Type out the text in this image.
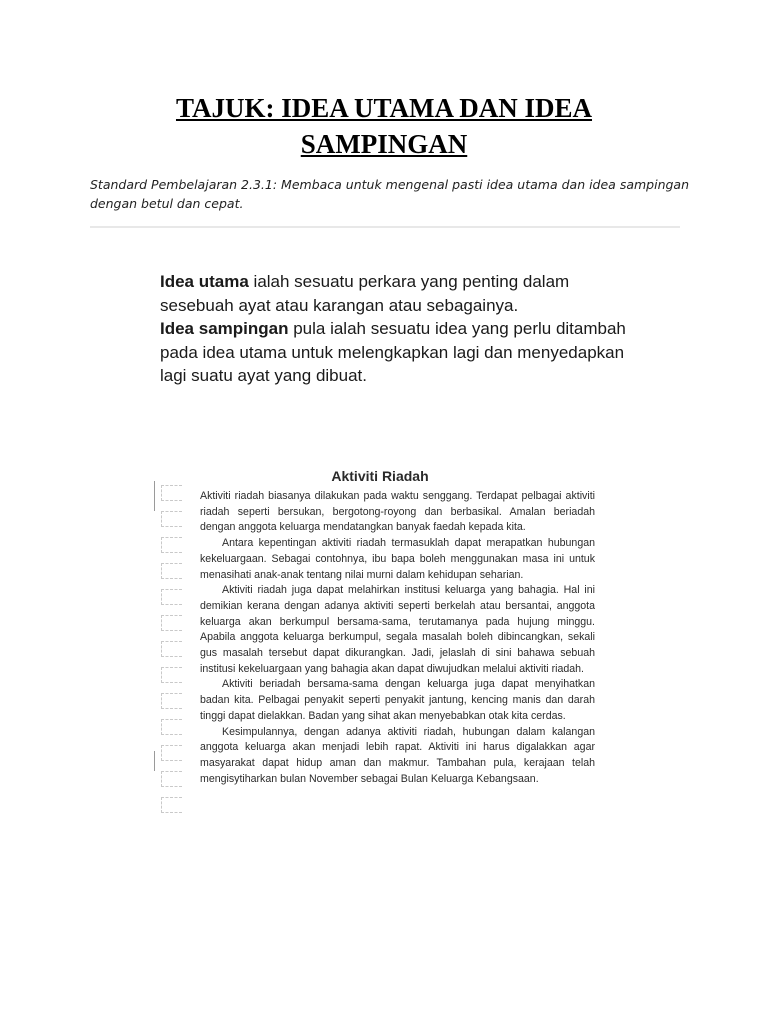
TAJUK: IDEA UTAMA DAN IDEA
SAMPINGAN
Standard Pembelajaran 2.3.1: Membaca untuk mengenal pasti idea utama dan idea sampingan dengan betul dan cepat.

Idea utama ialah sesuatu perkara yang penting dalam sesebuah ayat atau karangan atau sebagainya.

Idea sampingan pula ialah sesuatu idea yang perlu ditambah pada idea utama untuk melengkapkan lagi dan menyedapkan lagi suatu ayat yang dibuat.

Aktiviti Riadah

Aktiviti riadah biasanya dilakukan pada waktu senggang. Terdapat pelbagai aktiviti riadah seperti bersukan, bergotong-royong dan berbasikal. Amalan beriadah dengan anggota keluarga mendatangkan banyak faedah kepada kita.

Antara kepentingan aktiviti riadah termasuklah dapat merapatkan hubungan kekeluargaan. Sebagai contohnya, ibu bapa boleh menggunakan masa ini untuk menasihati anak-anak tentang nilai murni dalam kehidupan seharian.

Aktiviti riadah juga dapat melahirkan institusi keluarga yang bahagia. Hal ini demikian kerana dengan adanya aktiviti seperti berkelah atau bersantai, anggota keluarga akan berkumpul bersama-sama, terutamanya pada hujung minggu. Apabila anggota keluarga berkumpul, segala masalah boleh dibincangkan, sekali gus masalah tersebut dapat dikurangkan. Jadi, jelaslah di sini bahawa sebuah institusi kekeluargaan yang bahagia akan dapat diwujudkan melalui aktiviti riadah.

Aktiviti beriadah bersama-sama dengan keluarga juga dapat menyihatkan badan kita. Pelbagai penyakit seperti penyakit jantung, kencing manis dan darah tinggi dapat dielakkan. Badan yang sihat akan menyebabkan otak kita cerdas.

Kesimpulannya, dengan adanya aktiviti riadah, hubungan dalam kalangan anggota keluarga akan menjadi lebih rapat. Aktiviti ini harus digalakkan agar masyarakat dapat hidup aman dan makmur. Tambahan pula, kerajaan telah mengisytiharkan bulan November sebagai Bulan Keluarga Kebangsaan.
